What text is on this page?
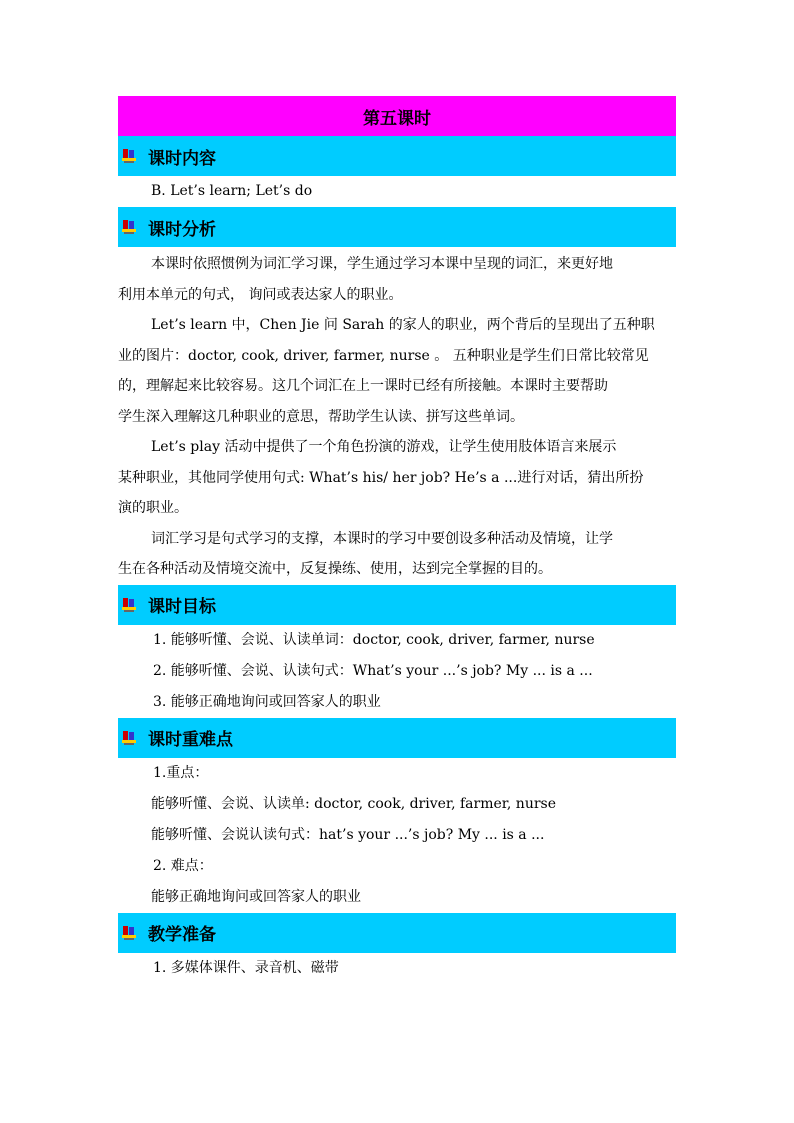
第五课时
课时内容
B. Let’s learn; Let’s do
课时分析

本课时依照惯例为词汇学习课，学生通过学习本课中呈现的词汇，来更好地

利用本单元的句式， 询问或表达家人的职业。

Let’s learn 中，Chen Jie 问 Sarah 的家人的职业，两个背后的呈现出了五种职

业的图片：doctor, cook, driver, farmer, nurse 。 五种职业是学生们日常比较常见

的，理解起来比较容易。这几个词汇在上一课时已经有所接触。本课时主要帮助

学生深入理解这几种职业的意思，帮助学生认读、拼写这些单词。

Let’s play 活动中提供了一个角色扮演的游戏，让学生使用肢体语言来展示

某种职业，其他同学使用句式: What’s his/ her job? He’s a ...进行对话，猜出所扮

演的职业。

词汇学习是句式学习的支撑，本课时的学习中要创设多种活动及情境，让学

生在各种活动及情境交流中，反复操练、使用，达到完全掌握的目的。

课时目标
1. 能够听懂、会说、认读单词：doctor, cook, driver, farmer, nurse
2. 能够听懂、会说、认读句式：What’s your ...’s job? My ... is a ...
3. 能够正确地询问或回答家人的职业
课时重难点
1.重点：
能够听懂、会说、认读单: doctor, cook, driver, farmer, nurse
能够听懂、会说认读句式：hat’s your ...’s job? My ... is a ...
2. 难点：
能够正确地询问或回答家人的职业
教学准备
1. 多媒体课件、录音机、磁带
